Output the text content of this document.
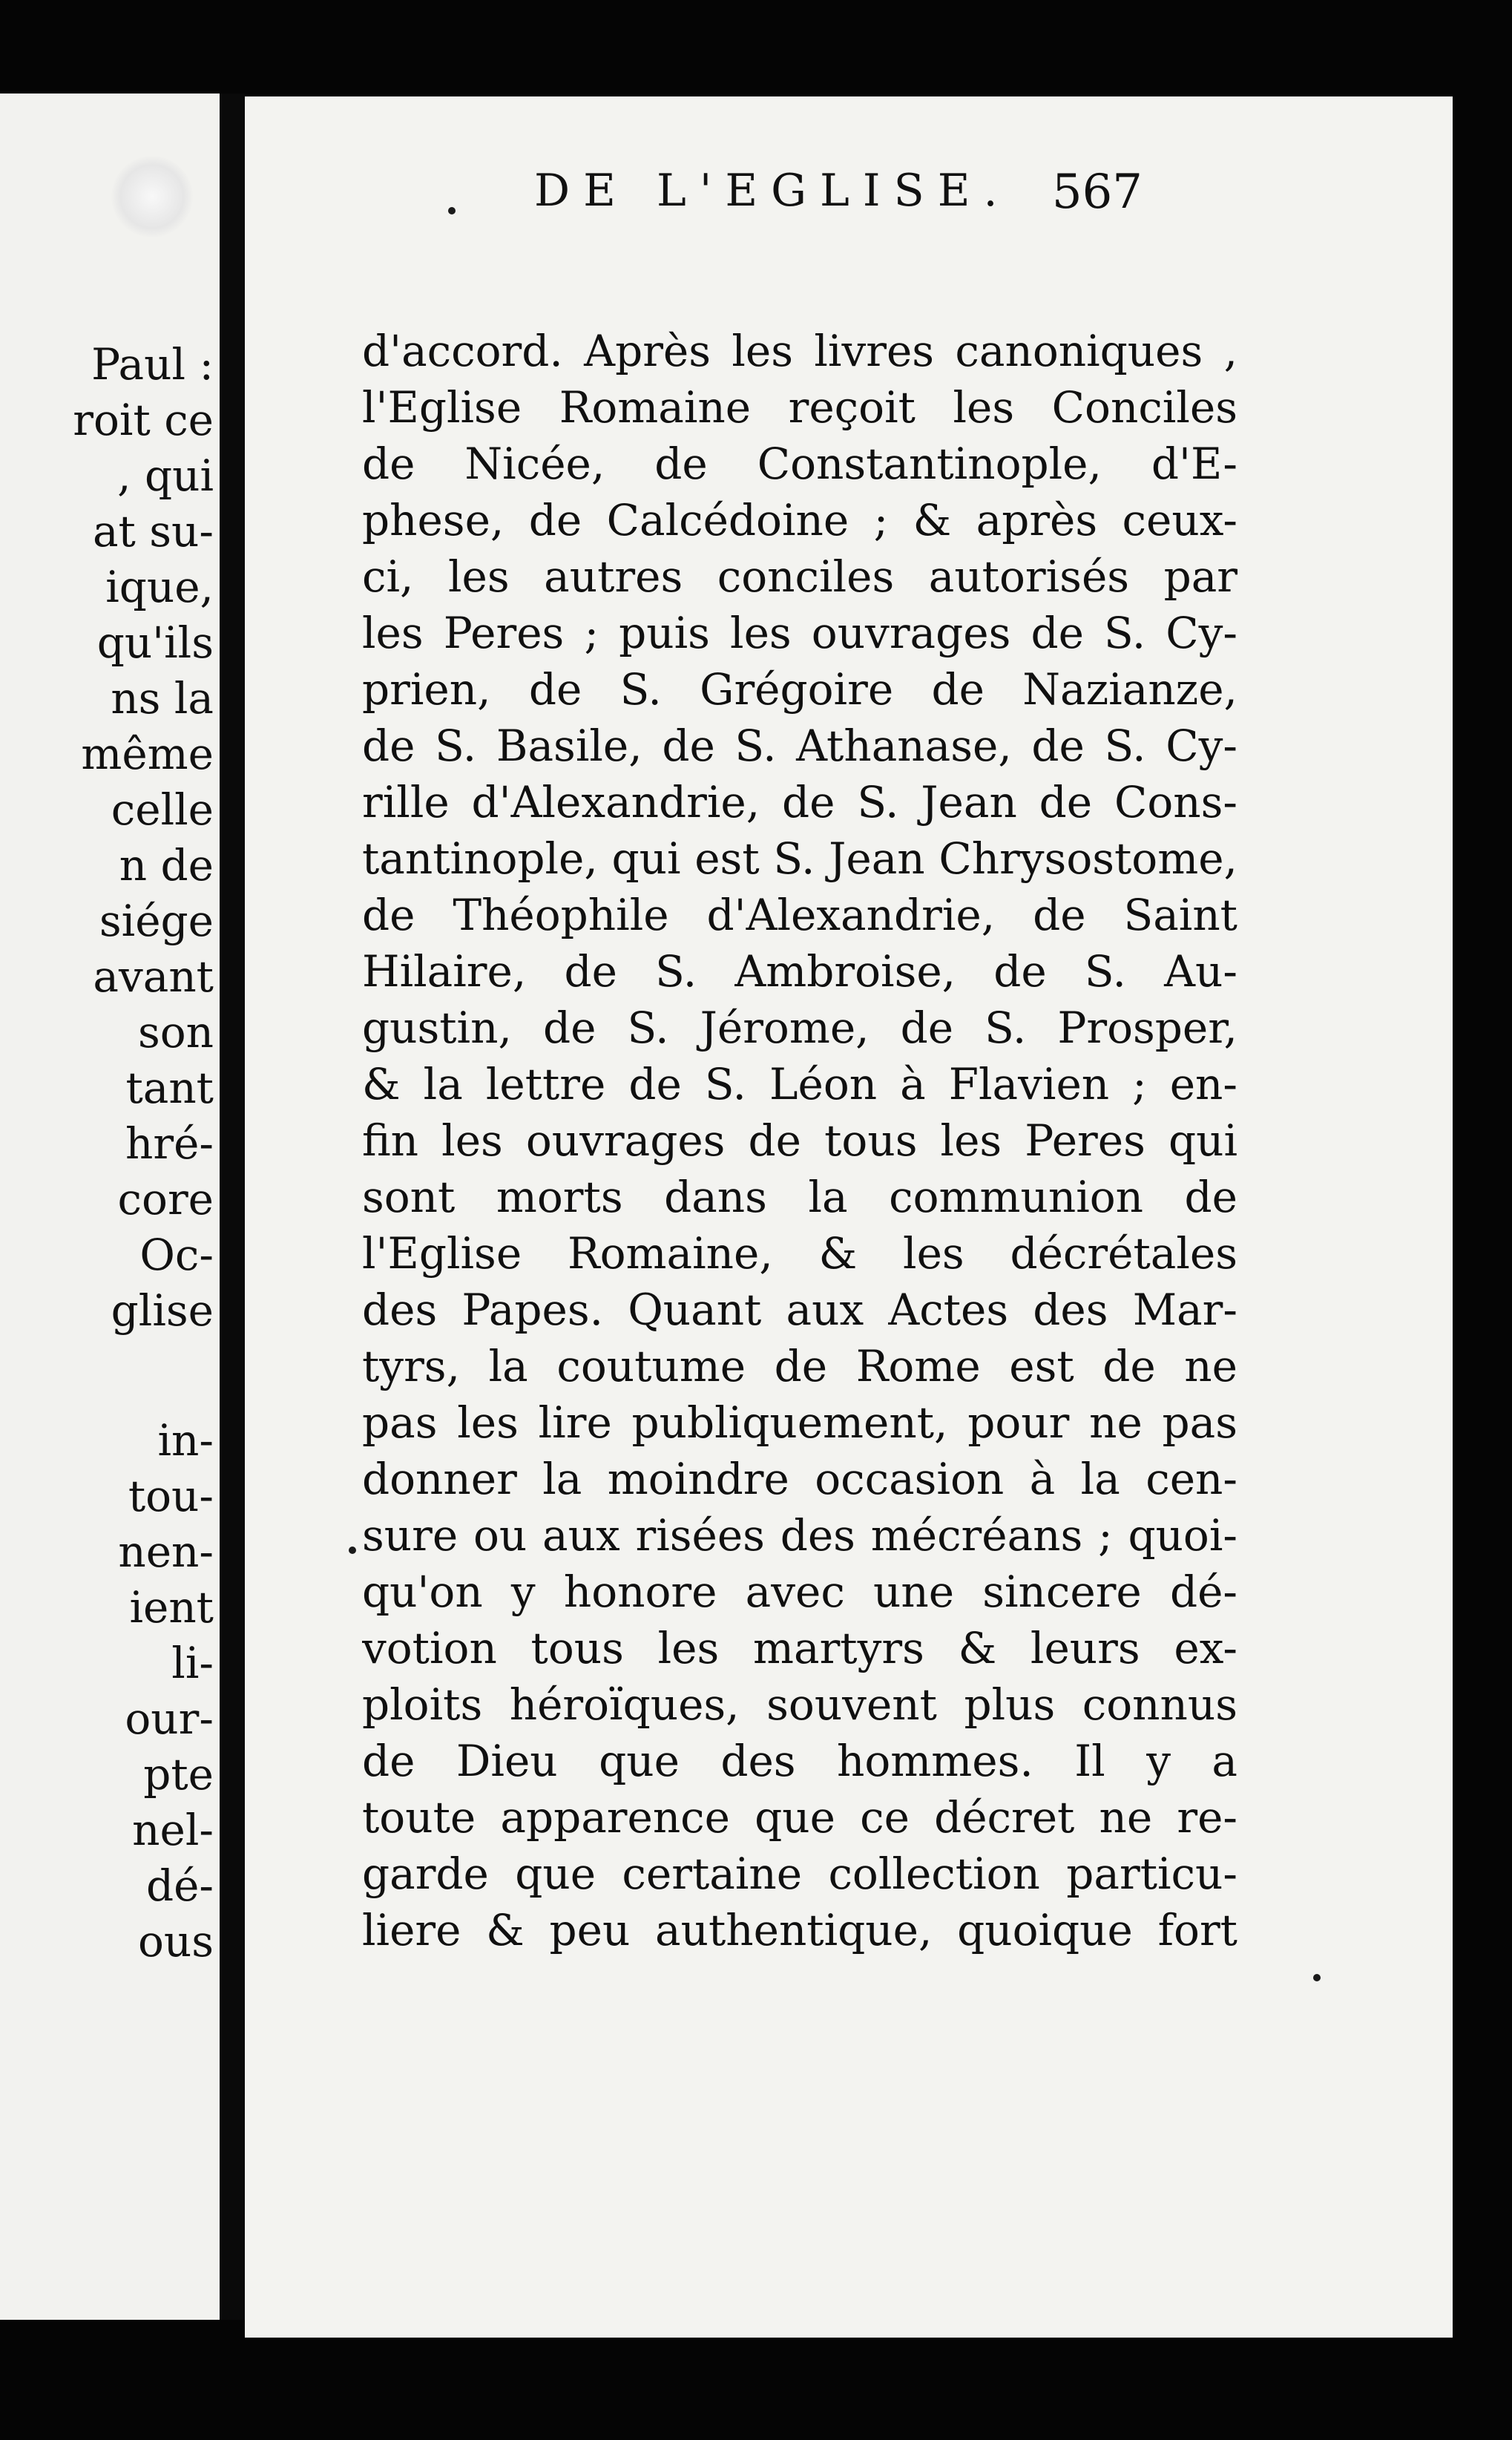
Paul :
roit ce
, qui
at su-
ique,
qu'ils
ns la
même
celle
n de
siége
avant
son
tant
hré-
core
Oc-
glise
in-
tou-
nen-
ient
li-
our-
pte
nel-
dé-
ous
DE L'EGLISE. 567
d'accord. Après les livres canoniques ,
l'Eglise Romaine reçoit les Conciles
de Nicée, de Constantinople, d'E-
phese, de Calcédoine ; & après ceux-
ci, les autres conciles autorisés par
les Peres ; puis les ouvrages de S. Cy-
prien, de S. Grégoire de Nazianze,
de S. Basile, de S. Athanase, de S. Cy-
rille d'Alexandrie, de S. Jean de Cons-
tantinople, qui est S. Jean Chrysostome,
de Théophile d'Alexandrie, de Saint
Hilaire, de S. Ambroise, de S. Au-
gustin, de S. Jérome, de S. Prosper,
& la lettre de S. Léon à Flavien ; en-
fin les ouvrages de tous les Peres qui
sont morts dans la communion de
l'Eglise Romaine, & les décrétales
des Papes. Quant aux Actes des Mar-
tyrs, la coutume de Rome est de ne
pas les lire publiquement, pour ne pas
donner la moindre occasion à la cen-
sure ou aux risées des mécréans ; quoi-
qu'on y honore avec une sincere dé-
votion tous les martyrs & leurs ex-
ploits héroïques, souvent plus connus
de Dieu que des hommes. Il y a
toute apparence que ce décret ne re-
garde que certaine collection particu-
liere & peu authentique, quoique fort
